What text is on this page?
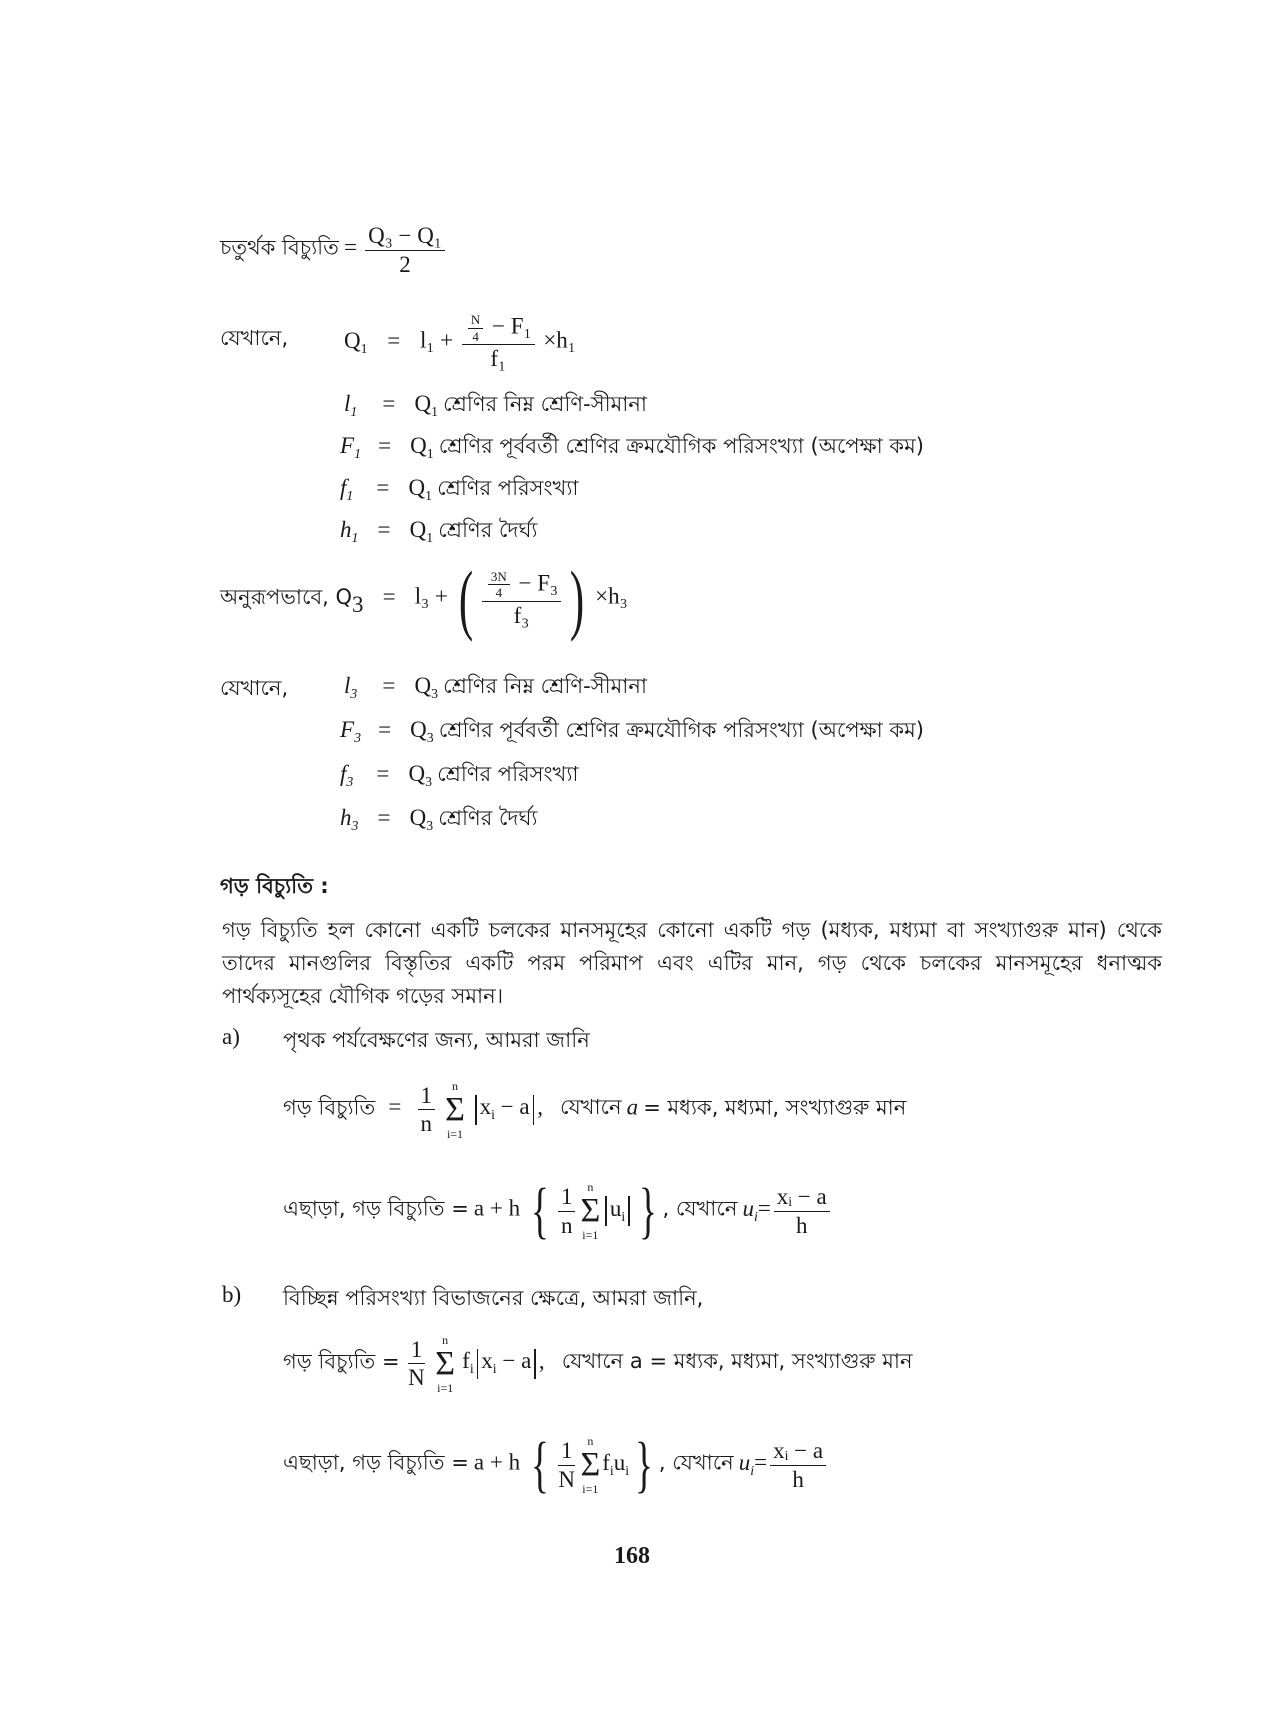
চতুর্থক বিচ্যুতি = $\frac{\text{Q₃ − Q₁}}{2}$
যেখানে, $Q_1 = l_1 + \frac{\frac{N}{4} - F_1}{\text{f₁}} \times h_1$
$l_1 = Q_1$ শ্রেণির নিম্ন শ্রেণি-সীমানা
$F_1 = Q_1$ শ্রেণির পূর্ববর্তী শ্রেণির ক্রমযৌগিক পরিসংখ্যা (অপেক্ষা কম)
$f_1 = Q_1$ শ্রেণির পরিসংখ্যা
$h_1 = Q_1$ শ্রেণির দৈর্ঘ্য
অনুরূপভাবে, $Q_3 = l_3$ + ( $\frac{\frac{3N}{4} - F_3}{\text{f₃}}$ ) ×h₃
যেখানে, $l_3 = Q_3$ শ্রেণির নিম্ন শ্রেণি-সীমানা
$F_3 = Q_3$ শ্রেণির পূর্ববর্তী শ্রেণির ক্রমযৌগিক পরিসংখ্যা (অপেক্ষা কম)
$f_3 = Q_3$ শ্রেণির পরিসংখ্যা
$h_3 = Q_3$ শ্রেণির দৈর্ঘ্য
গড় বিচ্যুতি :
গড় বিচ্যুতি হল কোনো একটি চলকের মানসমূহের কোনো একটি গড় (মধ্যক, মধ্যমা বা সংখ্যাগুরু মান) থেকে তাদের মানগুলির বিস্তৃতির একটি পরম পরিমাপ এবং এটির মান, গড় থেকে চলকের মানসমূহের ধনাত্মক পার্থক্যসূহের যৌগিক গড়ের সমান।
a) পৃথক পর্যবেক্ষণের জন্য, আমরা জানি
গড় বিচ্যুতি = $\frac{1}{n}$
	n
Σ
i=1
$x_i - a$ , যেখানে a = মধ্যক, মধ্যমা, সংখ্যাগুরু মান
এছাড়া, গড় বিচ্যুতি = a + h { $\frac{1}{n}$ n
Σ
i=1
$u_i$ } , যেখানে $u_i= \frac{\text{xᵢ − a}}{h}$
b) বিচ্ছিন্ন পরিসংখ্যা বিভাজনের ক্ষেত্রে, আমরা জানি,
গড় বিচ্যুতি = $\frac{1}{N}$
	n
Σ
i=1
$f_i$ $x_i - a$ , যেখানে a = মধ্যক, মধ্যমা, সংখ্যাগুরু মান
এছাড়া, গড় বিচ্যুতি = a + h { $\frac{1}{N}$ n
Σ
i=1
$f_iu_i$} , যেখানে $u_i= \frac{\text{xᵢ − a}}{h}$
168
